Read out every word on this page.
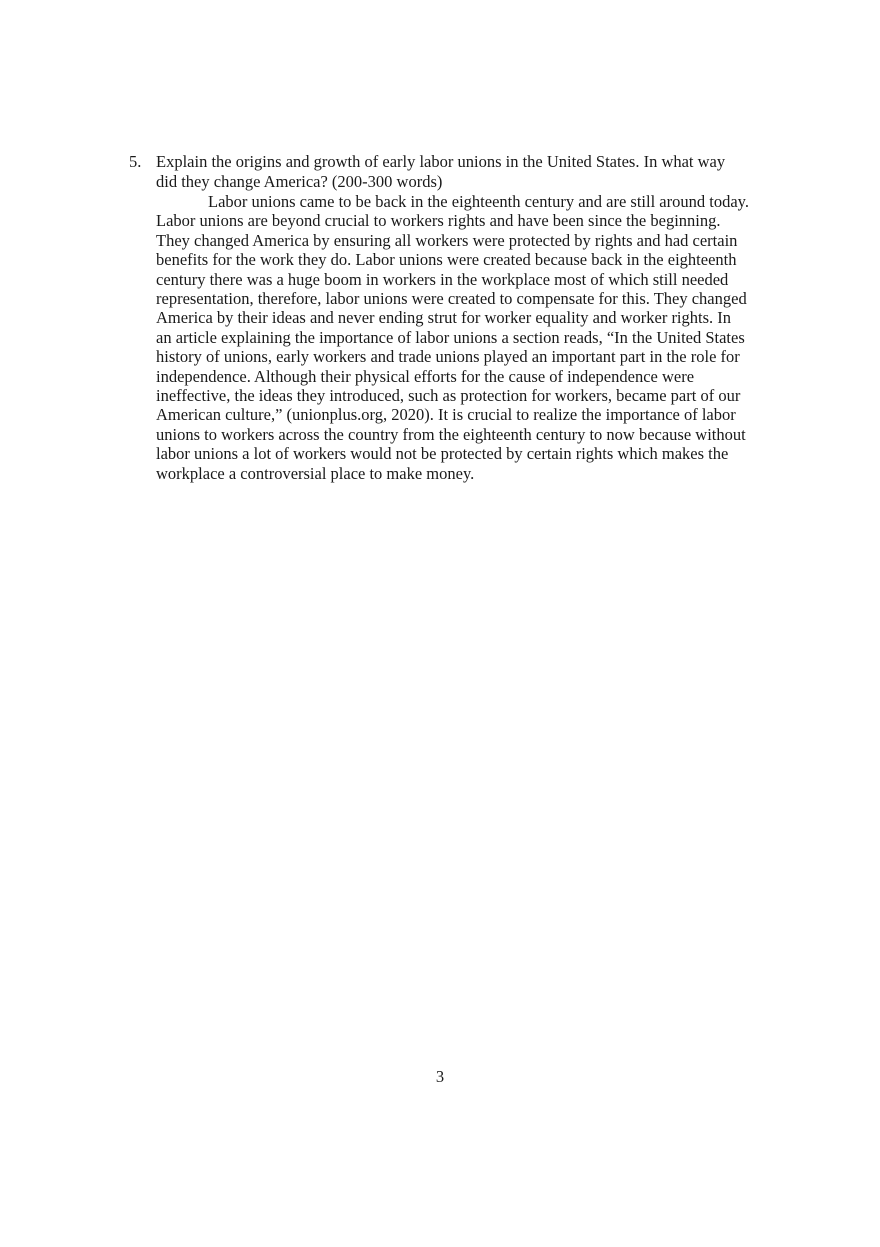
5. Explain the origins and growth of early labor unions in the United States. In what way
did they change America? (200-300 words)
Labor unions came to be back in the eighteenth century and are still around today.
Labor unions are beyond crucial to workers rights and have been since the beginning.
They changed America by ensuring all workers were protected by rights and had certain
benefits for the work they do. Labor unions were created because back in the eighteenth
century there was a huge boom in workers in the workplace most of which still needed
representation, therefore, labor unions were created to compensate for this. They changed
America by their ideas and never ending strut for worker equality and worker rights. In
an article explaining the importance of labor unions a section reads, “In the United States
history of unions, early workers and trade unions played an important part in the role for
independence. Although their physical efforts for the cause of independence were
ineffective, the ideas they introduced, such as protection for workers, became part of our
American culture,” (unionplus.org, 2020). It is crucial to realize the importance of labor
unions to workers across the country from the eighteenth century to now because without
labor unions a lot of workers would not be protected by certain rights which makes the
workplace a controversial place to make money.
3
